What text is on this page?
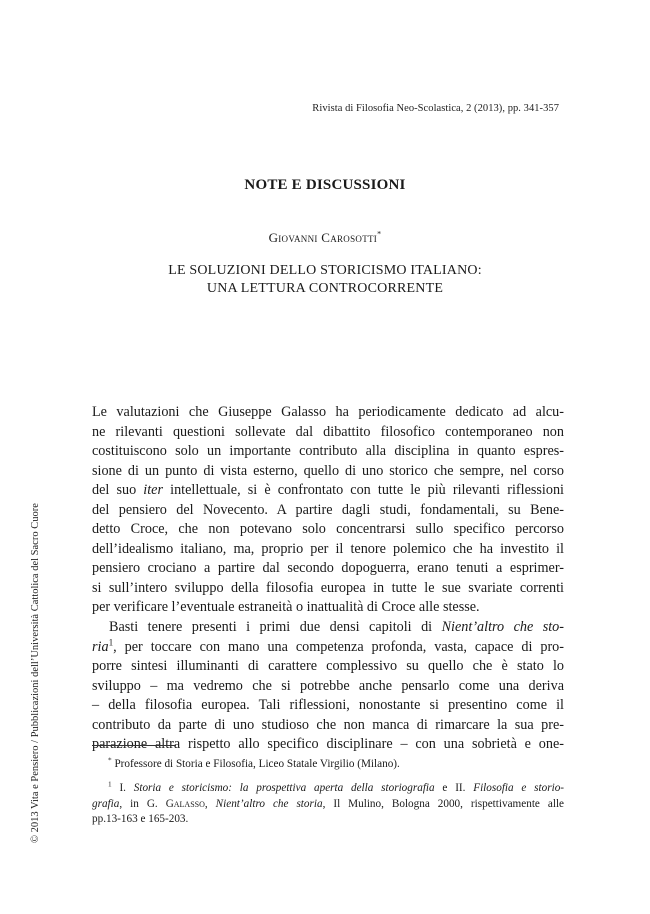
Rivista di Filosofia Neo-Scolastica, 2 (2013), pp. 341-357
NOTE E DISCUSSIONI
Giovanni Carosotti*
LE SOLUZIONI DELLO STORICISMO ITALIANO:
UNA LETTURA CONTROCORRENTE
Le valutazioni che Giuseppe Galasso ha periodicamente dedicato ad alcu-
ne rilevanti questioni sollevate dal dibattito filosofico contemporaneo non
costituiscono solo un importante contributo alla disciplina in quanto espres-
sione di un punto di vista esterno, quello di uno storico che sempre, nel corso
del suo iter intellettuale, si è confrontato con tutte le più rilevanti riflessioni
del pensiero del Novecento. A partire dagli studi, fondamentali, su Bene-
detto Croce, che non potevano solo concentrarsi sullo specifico percorso
dell’idealismo italiano, ma, proprio per il tenore polemico che ha investito il
pensiero crociano a partire dal secondo dopoguerra, erano tenuti a esprimer-
si sull’intero sviluppo della filosofia europea in tutte le sue svariate correnti
per verificare l’eventuale estraneità o inattualità di Croce alle stesse.
Basti tenere presenti i primi due densi capitoli di Nient’altro che sto-
ria$^1$, per toccare con mano una competenza profonda, vasta, capace di pro-
porre sintesi illuminanti di carattere complessivo su quello che è stato lo
sviluppo – ma vedremo che si potrebbe anche pensarlo come una deriva
– della filosofia europea. Tali riflessioni, nonostante si presentino come il
contributo da parte di uno studioso che non manca di rimarcare la sua pre-
parazione altra rispetto allo specifico disciplinare – con una sobrietà e one-
* Professore di Storia e Filosofia, Liceo Statale Virgilio (Milano).
$^1$ I. Storia e storicismo: la prospettiva aperta della storiografia e II. Filosofia e storio-
grafia, in G. Galasso, Nient’altro che storia, Il Mulino, Bologna 2000, rispettivamente alle
pp.13-163 e 165-203.
© 2013 Vita e Pensiero / Pubblicazioni dell’Università Cattolica del Sacro Cuore
